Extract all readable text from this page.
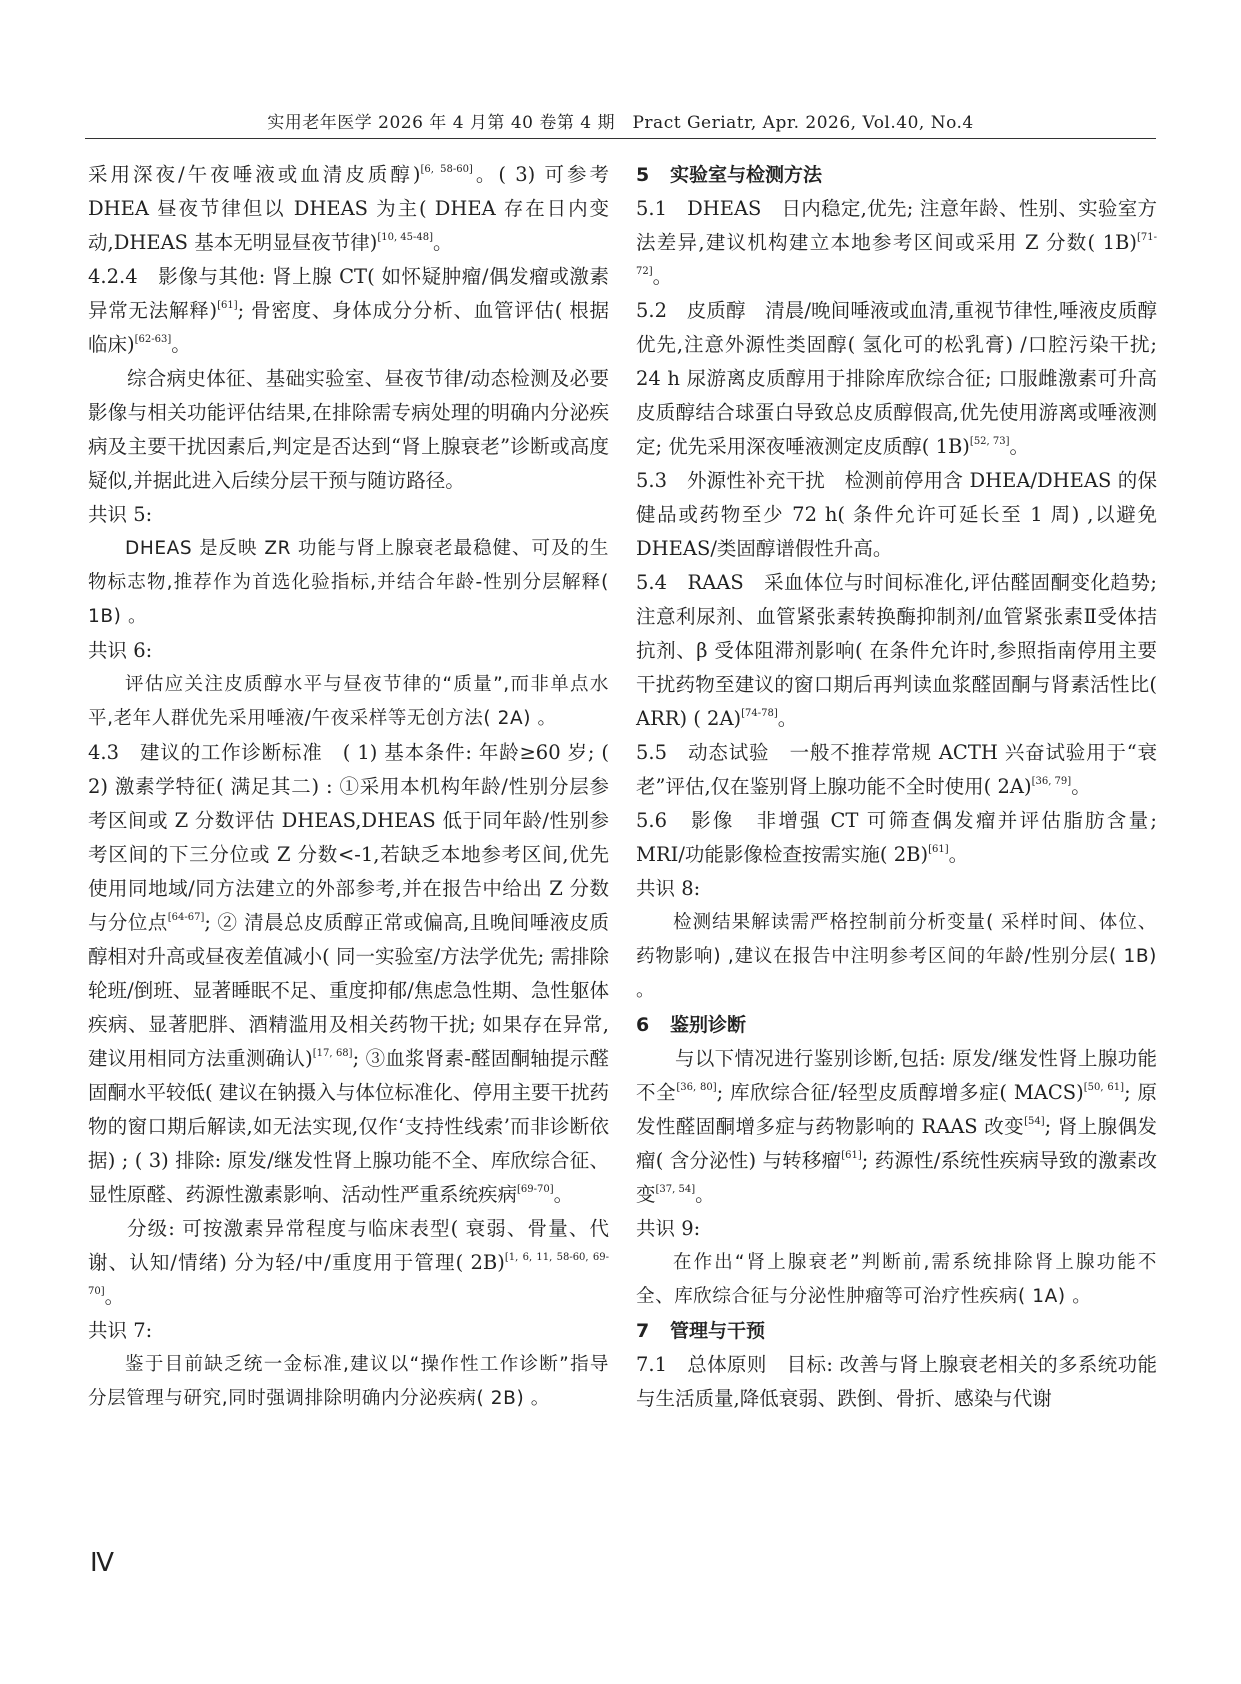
实用老年医学 2026 年 4 月第 40 卷第 4 期　Pract Geriatr, Apr. 2026, Vol.40, No.4

采用深夜/午夜唾液或血清皮质醇)[6, 58-60]。( 3) 可参考 DHEA 昼夜节律但以 DHEAS 为主( DHEA 存在日内变动,DHEAS 基本无明显昼夜节律)[10, 45-48]。

4.2.4　影像与其他: 肾上腺 CT( 如怀疑肿瘤/偶发瘤或激素异常无法解释)[61]; 骨密度、身体成分分析、血管评估( 根据临床)[62-63]。

综合病史体征、基础实验室、昼夜节律/动态检测及必要影像与相关功能评估结果,在排除需专病处理的明确内分泌疾病及主要干扰因素后,判定是否达到“肾上腺衰老”诊断或高度疑似,并据此进入后续分层干预与随访路径。

共识 5:

DHEAS 是反映 ZR 功能与肾上腺衰老最稳健、可及的生物标志物,推荐作为首选化验指标,并结合年龄-性别分层解释( 1B) 。

共识 6:

评估应关注皮质醇水平与昼夜节律的“质量”,而非单点水平,老年人群优先采用唾液/午夜采样等无创方法( 2A) 。

4.3　建议的工作诊断标准　( 1) 基本条件: 年龄≥60 岁; ( 2) 激素学特征( 满足其二) : ①采用本机构年龄/性别分层参考区间或 Z 分数评估 DHEAS,DHEAS 低于同年龄/性别参考区间的下三分位或 Z 分数<-1,若缺乏本地参考区间,优先使用同地域/同方法建立的外部参考,并在报告中给出 Z 分数与分位点[64-67]; ② 清晨总皮质醇正常或偏高,且晚间唾液皮质醇相对升高或昼夜差值减小( 同一实验室/方法学优先; 需排除轮班/倒班、显著睡眠不足、重度抑郁/焦虑急性期、急性躯体疾病、显著肥胖、酒精滥用及相关药物干扰; 如果存在异常,建议用相同方法重测确认)[17, 68]; ③血浆肾素-醛固酮轴提示醛固酮水平较低( 建议在钠摄入与体位标准化、停用主要干扰药物的窗口期后解读,如无法实现,仅作‘支持性线索’而非诊断依据) ; ( 3) 排除: 原发/继发性肾上腺功能不全、库欣综合征、显性原醛、药源性激素影响、活动性严重系统疾病[69-70]。

分级: 可按激素异常程度与临床表型( 衰弱、骨量、代谢、认知/情绪) 分为轻/中/重度用于管理( 2B)[1, 6, 11, 58-60, 69-70]。

共识 7:

鉴于目前缺乏统一金标准,建议以“操作性工作诊断”指导分层管理与研究,同时强调排除明确内分泌疾病( 2B) 。

5 实验室与检测方法

5.1　DHEAS　日内稳定,优先; 注意年龄、性别、实验室方法差异,建议机构建立本地参考区间或采用 Z 分数( 1B)[71-72]。

5.2　皮质醇　清晨/晚间唾液或血清,重视节律性,唾液皮质醇优先,注意外源性类固醇( 氢化可的松乳膏) /口腔污染干扰; 24 h 尿游离皮质醇用于排除库欣综合征; 口服雌激素可升高皮质醇结合球蛋白导致总皮质醇假高,优先使用游离或唾液测定; 优先采用深夜唾液测定皮质醇( 1B)[52, 73]。

5.3　外源性补充干扰　检测前停用含 DHEA/DHEAS 的保健品或药物至少 72 h( 条件允许可延长至 1 周) ,以避免 DHEAS/类固醇谱假性升高。

5.4　RAAS　采血体位与时间标准化,评估醛固酮变化趋势; 注意利尿剂、血管紧张素转换酶抑制剂/血管紧张素Ⅱ受体拮抗剂、β 受体阻滞剂影响( 在条件允许时,参照指南停用主要干扰药物至建议的窗口期后再判读血浆醛固酮与肾素活性比( ARR) ( 2A)[74-78]。

5.5　动态试验　一般不推荐常规 ACTH 兴奋试验用于“衰老”评估,仅在鉴别肾上腺功能不全时使用( 2A)[36, 79]。

5.6　影像　非增强 CT 可筛查偶发瘤并评估脂肪含量; MRI/功能影像检查按需实施( 2B)[61]。

共识 8:

检测结果解读需严格控制前分析变量( 采样时间、体位、药物影响) ,建议在报告中注明参考区间的年龄/性别分层( 1B) 。

6 鉴别诊断

与以下情况进行鉴别诊断,包括: 原发/继发性肾上腺功能不全[36, 80]; 库欣综合征/轻型皮质醇增多症( MACS)[50, 61]; 原发性醛固酮增多症与药物影响的 RAAS 改变[54]; 肾上腺偶发瘤( 含分泌性) 与转移瘤[61]; 药源性/系统性疾病导致的激素改变[37, 54]。

共识 9:

在作出“肾上腺衰老”判断前,需系统排除肾上腺功能不全、库欣综合征与分泌性肿瘤等可治疗性疾病( 1A) 。

7 管理与干预

7.1　总体原则　目标: 改善与肾上腺衰老相关的多系统功能与生活质量,降低衰弱、跌倒、骨折、感染与代谢

Ⅳ
